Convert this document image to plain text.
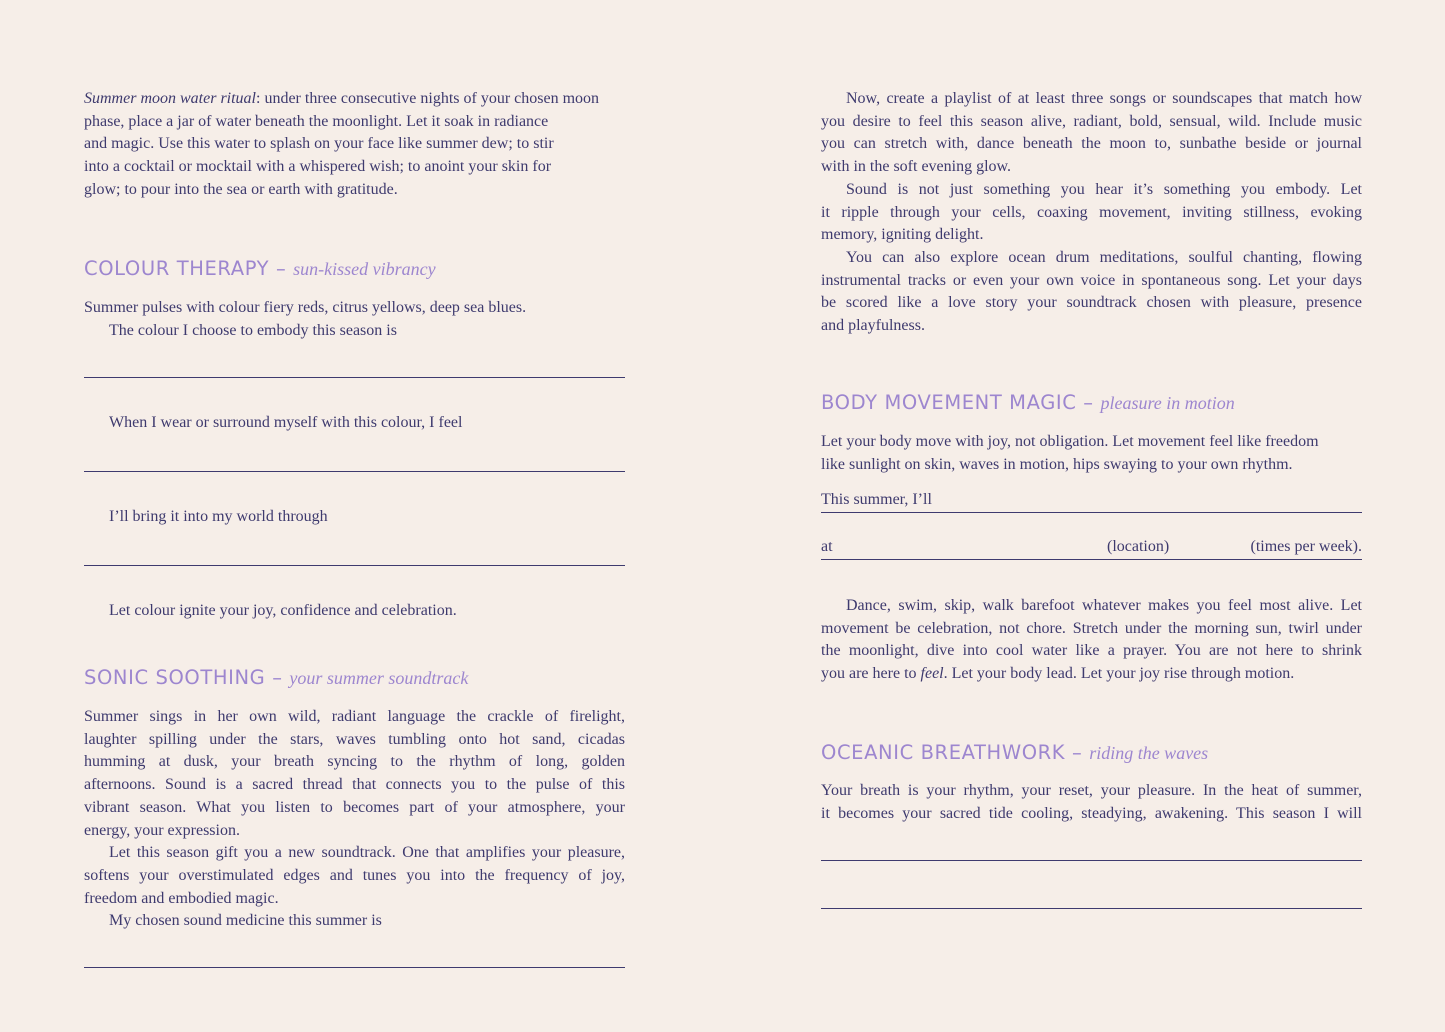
Summer moon water ritual: under three consecutive nights of your chosen moon
phase, place a jar of water beneath the moonlight. Let it soak in radiance
and magic. Use this water to splash on your face like summer dew; to stir
into a cocktail or mocktail with a whispered wish; to anoint your skin for
glow; to pour into the sea or earth with gratitude.

COLOUR THERAPY – sun-kissed vibrancy

Summer pulses with colour fiery reds, citrus yellows, deep sea blues.
The colour I choose to embody this season is

When I wear or surround myself with this colour, I feel
I’ll bring it into my world through
Let colour ignite your joy, confidence and celebration.
SONIC SOOTHING – your summer soundtrack

Summer sings in her own wild, radiant language the crackle of firelight,
laughter spilling under the stars, waves tumbling onto hot sand, cicadas
humming at dusk, your breath syncing to the rhythm of long, golden
afternoons. Sound is a sacred thread that connects you to the pulse of this
vibrant season. What you listen to becomes part of your atmosphere, your
energy, your expression.
Let this season gift you a new soundtrack. One that amplifies your pleasure,
softens your overstimulated edges and tunes you into the frequency of joy,
freedom and embodied magic.
My chosen sound medicine this summer is

Now, create a playlist of at least three songs or soundscapes that match how
you desire to feel this season alive, radiant, bold, sensual, wild. Include music
you can stretch with, dance beneath the moon to, sunbathe beside or journal
with in the soft evening glow.
Sound is not just something you hear it’s something you embody. Let
it ripple through your cells, coaxing movement, inviting stillness, evoking
memory, igniting delight.
You can also explore ocean drum meditations, soulful chanting, flowing
instrumental tracks or even your own voice in spontaneous song. Let your days
be scored like a love story your soundtrack chosen with pleasure, presence
and playfulness.

BODY MOVEMENT MAGIC – pleasure in motion

Let your body move with joy, not obligation. Let movement feel like freedom
like sunlight on skin, waves in motion, hips swaying to your own rhythm.

This summer, I’ll
at	(location)	(times per week).

Dance, swim, skip, walk barefoot whatever makes you feel most alive. Let
movement be celebration, not chore. Stretch under the morning sun, twirl under
the moonlight, dive into cool water like a prayer. You are not here to shrink
you are here to feel. Let your body lead. Let your joy rise through motion.

OCEANIC BREATHWORK – riding the waves

Your breath is your rhythm, your reset, your pleasure. In the heat of summer,
it becomes your sacred tide cooling, steadying, awakening. This season I will
